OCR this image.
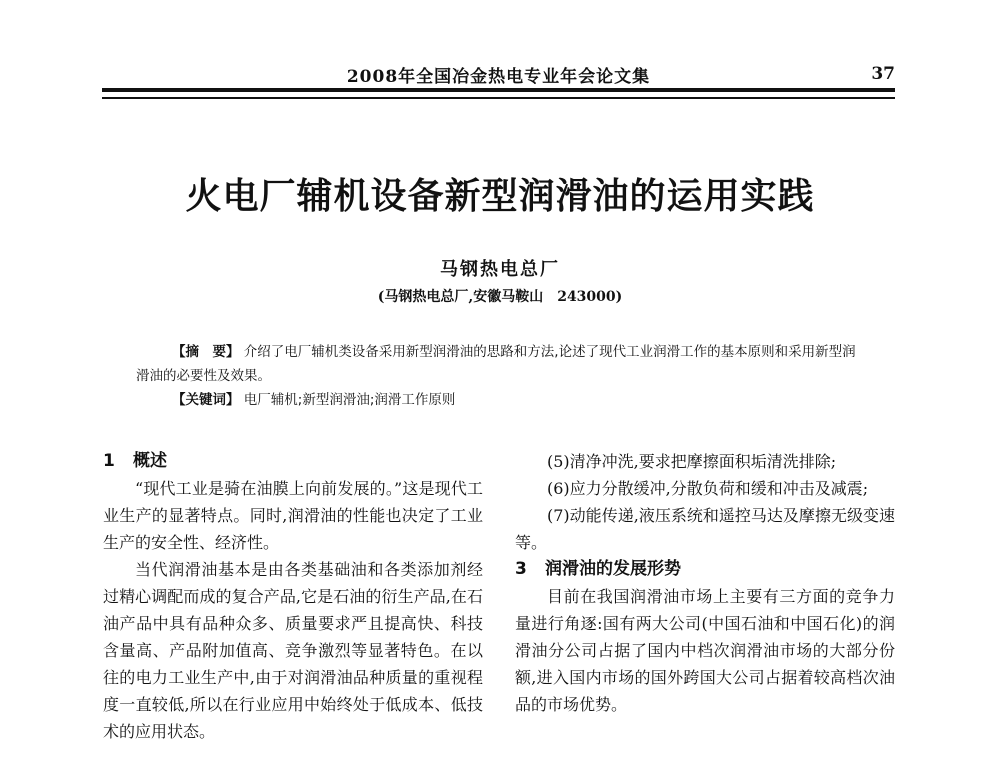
2008年全国冶金热电专业年会论文集	37
火电厂辅机设备新型润滑油的运用实践
马钢热电总厂
(马钢热电总厂,安徽马鞍山　243000)

【摘　要】 介绍了电厂辅机类设备采用新型润滑油的思路和方法,论述了现代工业润滑工作的基本原则和采用新型润滑油的必要性及效果。

【关键词】 电厂辅机;新型润滑油;润滑工作原则

1 概述

“现代工业是骑在油膜上向前发展的。”这是现代工业生产的显著特点。同时,润滑油的性能也决定了工业生产的安全性、经济性。

当代润滑油基本是由各类基础油和各类添加剂经过精心调配而成的复合产品,它是石油的衍生产品,在石油产品中具有品种众多、质量要求严且提高快、科技含量高、产品附加值高、竞争激烈等显著特色。在以往的电力工业生产中,由于对润滑油品种质量的重视程度一直较低,所以在行业应用中始终处于低成本、低技术的应用状态。

(5)清净冲洗,要求把摩擦面积垢清洗排除;

(6)应力分散缓冲,分散负荷和缓和冲击及减震;

(7)动能传递,液压系统和遥控马达及摩擦无级变速等。

3 润滑油的发展形势

目前在我国润滑油市场上主要有三方面的竞争力量进行角逐:国有两大公司(中国石油和中国石化)的润滑油分公司占据了国内中档次润滑油市场的大部分份额,进入国内市场的国外跨国大公司占据着较高档次油品的市场优势。
